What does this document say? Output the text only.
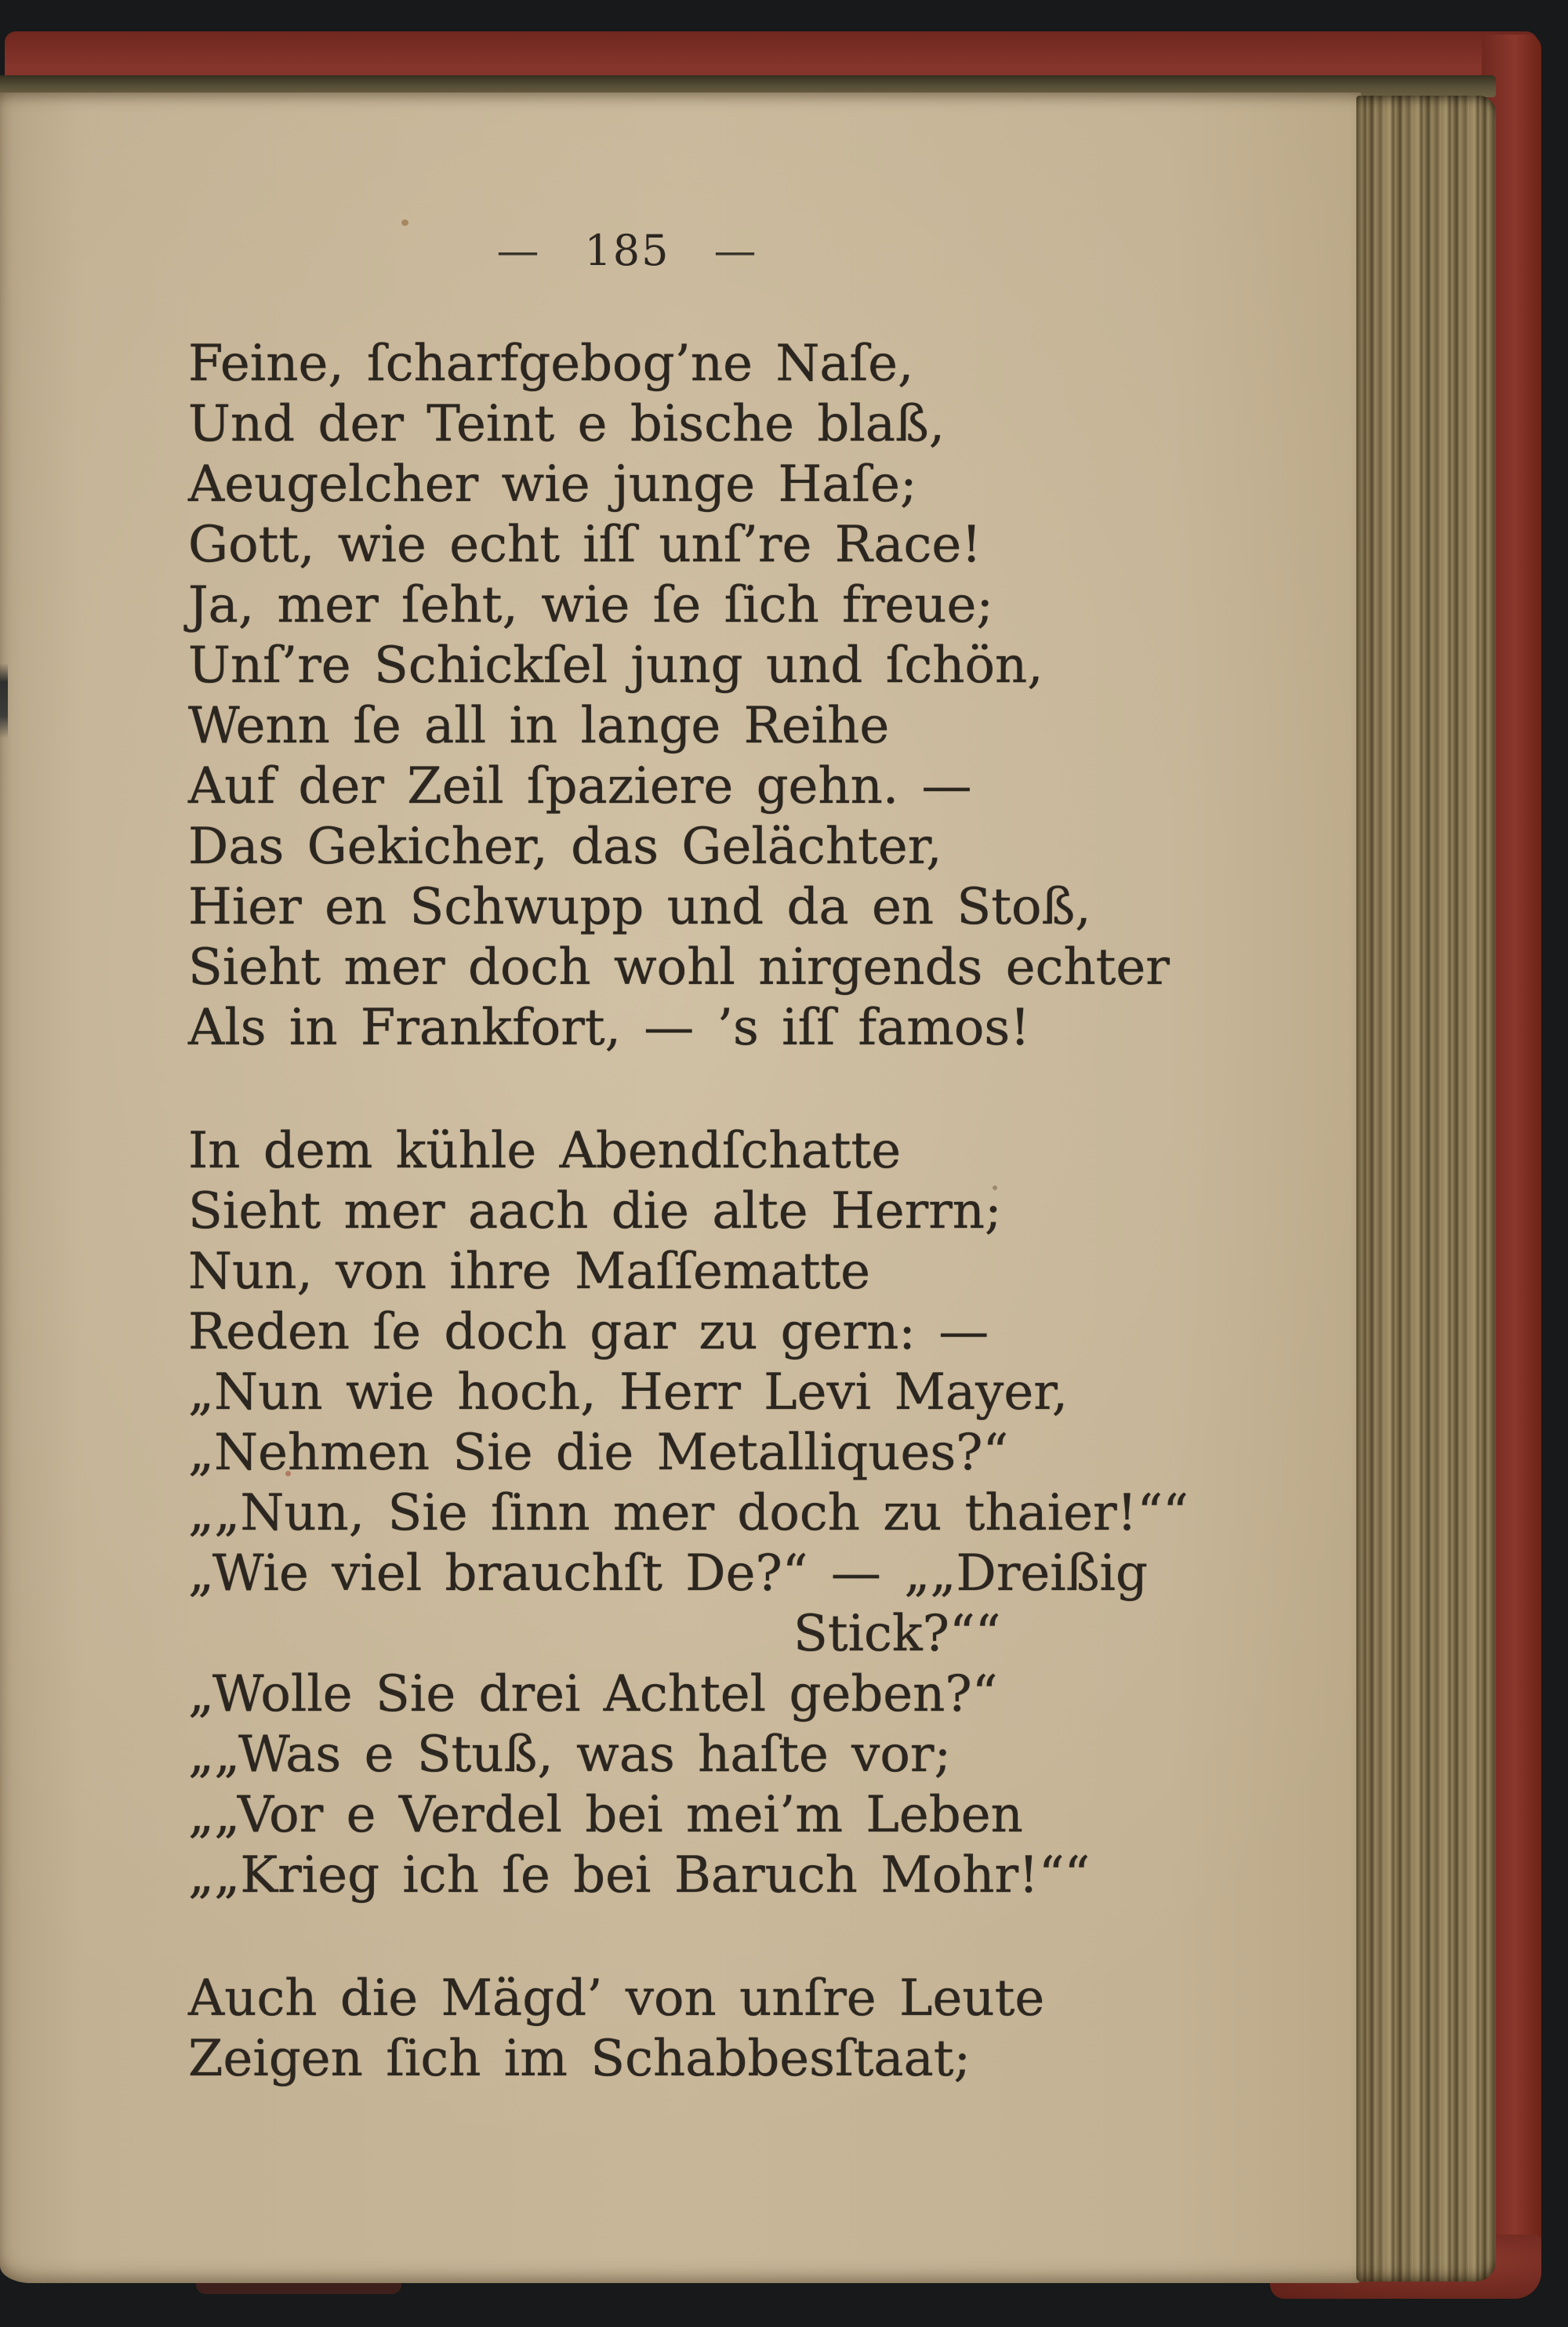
— 185 —
Feine, ſcharfgebog’ne Naſe,
Und der Teint e bische blaß,
Aeugelcher wie junge Haſe;
Gott, wie echt iſſ unſ’re Race!
Ja, mer ſeht, wie ſe ſich freue;
Unſ’re Schickſel jung und ſchön,
Wenn ſe all in lange Reihe
Auf der Zeil ſpaziere gehn. —
Das Gekicher, das Gelächter,
Hier en Schwupp und da en Stoß,
Sieht mer doch wohl nirgends echter
Als in Frankfort, — ’s iſſ famos!
In dem kühle Abendſchatte
Sieht mer aach die alte Herrn;
Nun, von ihre Maſſematte
Reden ſe doch gar zu gern: —
„Nun wie hoch, Herr Levi Mayer,
„Nehmen Sie die Metalliques?“
„„Nun, Sie ſinn mer doch zu thaier!““
„Wie viel brauchſt De?“ — „„Dreißig
Stick?““
„Wolle Sie drei Achtel geben?“
„„Was e Stuß, was haſte vor;
„„Vor e Verdel bei mei’m Leben
„„Krieg ich ſe bei Baruch Mohr!““
Auch die Mägd’ von unſre Leute
Zeigen ſich im Schabbesſtaat;
